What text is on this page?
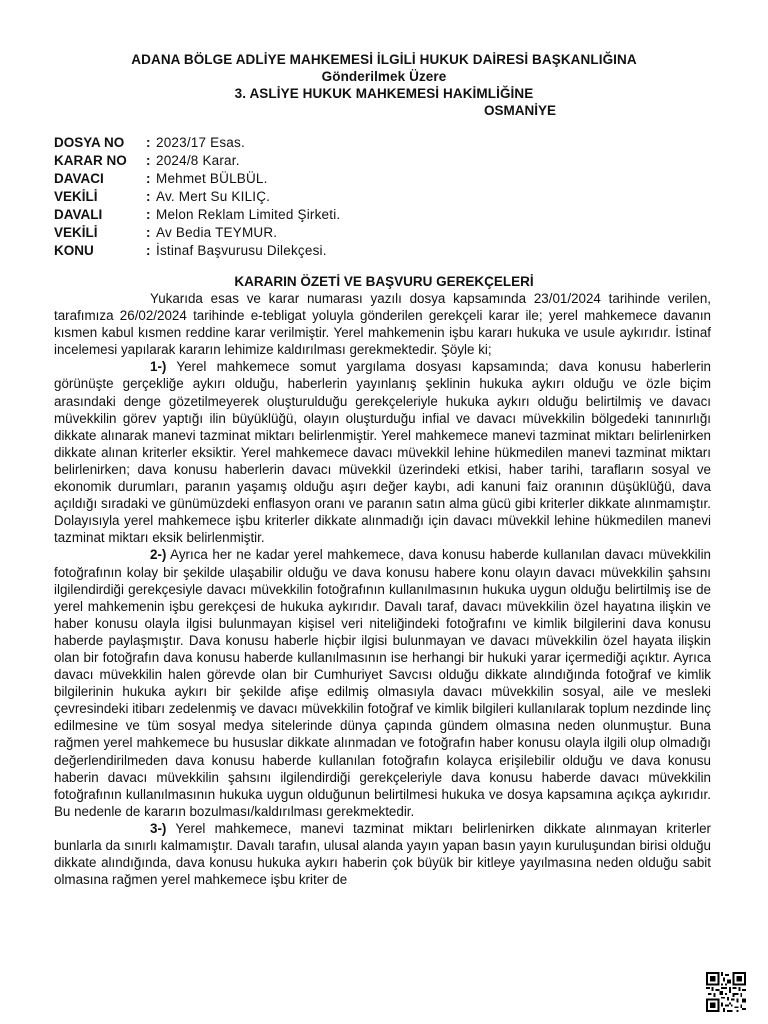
ADANA BÖLGE ADLİYE MAHKEMESİ İLGİLİ HUKUK DAİRESİ BAŞKANLIĞINA
Gönderilmek Üzere
3. ASLİYE HUKUK MAHKEMESİ HAKİMLİĞİNE
OSMANİYE
DOSYA NO	: 2023/17 Esas.
KARAR NO	: 2024/8 Karar.
DAVACI	: Mehmet BÜLBÜL.
VEKİLİ	: Av. Mert Su KILIÇ.
DAVALI	: Melon Reklam Limited Şirketi.
VEKİLİ	: Av Bedia TEYMUR.
KONU	: İstinaf Başvurusu Dilekçesi.
KARARIN ÖZETİ VE BAŞVURU GEREKÇELERİ

Yukarıda esas ve karar numarası yazılı dosya kapsamında 23/01/2024 tarihinde verilen, tarafımıza 26/02/2024 tarihinde e-tebligat yoluyla gönderilen gerekçeli karar ile; yerel mahkemece davanın kısmen kabul kısmen reddine karar verilmiştir. Yerel mahkemenin işbu kararı hukuka ve usule aykırıdır. İstinaf incelemesi yapılarak kararın lehimize kaldırılması gerekmektedir. Şöyle ki;

1-) Yerel mahkemece somut yargılama dosyası kapsamında; dava konusu haberlerin görünüşte gerçekliğe aykırı olduğu, haberlerin yayınlanış şeklinin hukuka aykırı olduğu ve özle biçim arasındaki denge gözetilmeyerek oluşturulduğu gerekçeleriyle hukuka aykırı olduğu belirtilmiş ve davacı müvekkilin görev yaptığı ilin büyüklüğü, olayın oluşturduğu infial ve davacı müvekkilin bölgedeki tanınırlığı dikkate alınarak manevi tazminat miktarı belirlenmiştir. Yerel mahkemece manevi tazminat miktarı belirlenirken dikkate alınan kriterler eksiktir. Yerel mahkemece davacı müvekkil lehine hükmedilen manevi tazminat miktarı belirlenirken; dava konusu haberlerin davacı müvekkil üzerindeki etkisi, haber tarihi, tarafların sosyal ve ekonomik durumları, paranın yaşamış olduğu aşırı değer kaybı, adi kanuni faiz oranının düşüklüğü, dava açıldığı sıradaki ve günümüzdeki enflasyon oranı ve paranın satın alma gücü gibi kriterler dikkate alınmamıştır. Dolayısıyla yerel mahkemece işbu kriterler dikkate alınmadığı için davacı müvekkil lehine hükmedilen manevi tazminat miktarı eksik belirlenmiştir.

2-) Ayrıca her ne kadar yerel mahkemece, dava konusu haberde kullanılan davacı müvekkilin fotoğrafının kolay bir şekilde ulaşabilir olduğu ve dava konusu habere konu olayın davacı müvekkilin şahsını ilgilendirdiği gerekçesiyle davacı müvekkilin fotoğrafının kullanılmasının hukuka uygun olduğu belirtilmiş ise de yerel mahkemenin işbu gerekçesi de hukuka aykırıdır. Davalı taraf, davacı müvekkilin özel hayatına ilişkin ve haber konusu olayla ilgisi bulunmayan kişisel veri niteliğindeki fotoğrafını ve kimlik bilgilerini dava konusu haberde paylaşmıştır. Dava konusu haberle hiçbir ilgisi bulunmayan ve davacı müvekkilin özel hayata ilişkin olan bir fotoğrafın dava konusu haberde kullanılmasının ise herhangi bir hukuki yarar içermediği açıktır. Ayrıca davacı müvekkilin halen görevde olan bir Cumhuriyet Savcısı olduğu dikkate alındığında fotoğraf ve kimlik bilgilerinin hukuka aykırı bir şekilde afişe edilmiş olmasıyla davacı müvekkilin sosyal, aile ve mesleki çevresindeki itibarı zedelenmiş ve davacı müvekkilin fotoğraf ve kimlik bilgileri kullanılarak toplum nezdinde linç edilmesine ve tüm sosyal medya sitelerinde dünya çapında gündem olmasına neden olunmuştur. Buna rağmen yerel mahkemece bu hususlar dikkate alınmadan ve fotoğrafın haber konusu olayla ilgili olup olmadığı değerlendirilmeden dava konusu haberde kullanılan fotoğrafın kolayca erişilebilir olduğu ve dava konusu haberin davacı müvekkilin şahsını ilgilendirdiği gerekçeleriyle dava konusu haberde davacı müvekkilin fotoğrafının kullanılmasının hukuka uygun olduğunun belirtilmesi hukuka ve dosya kapsamına açıkça aykırıdır. Bu nedenle de kararın bozulması/kaldırılması gerekmektedir.

3-) Yerel mahkemece, manevi tazminat miktarı belirlenirken dikkate alınmayan kriterler bunlarla da sınırlı kalmamıştır. Davalı tarafın, ulusal alanda yayın yapan basın yayın kuruluşundan birisi olduğu dikkate alındığında, dava konusu hukuka aykırı haberin çok büyük bir kitleye yayılmasına neden olduğu sabit olmasına rağmen yerel mahkemece işbu kriter de
